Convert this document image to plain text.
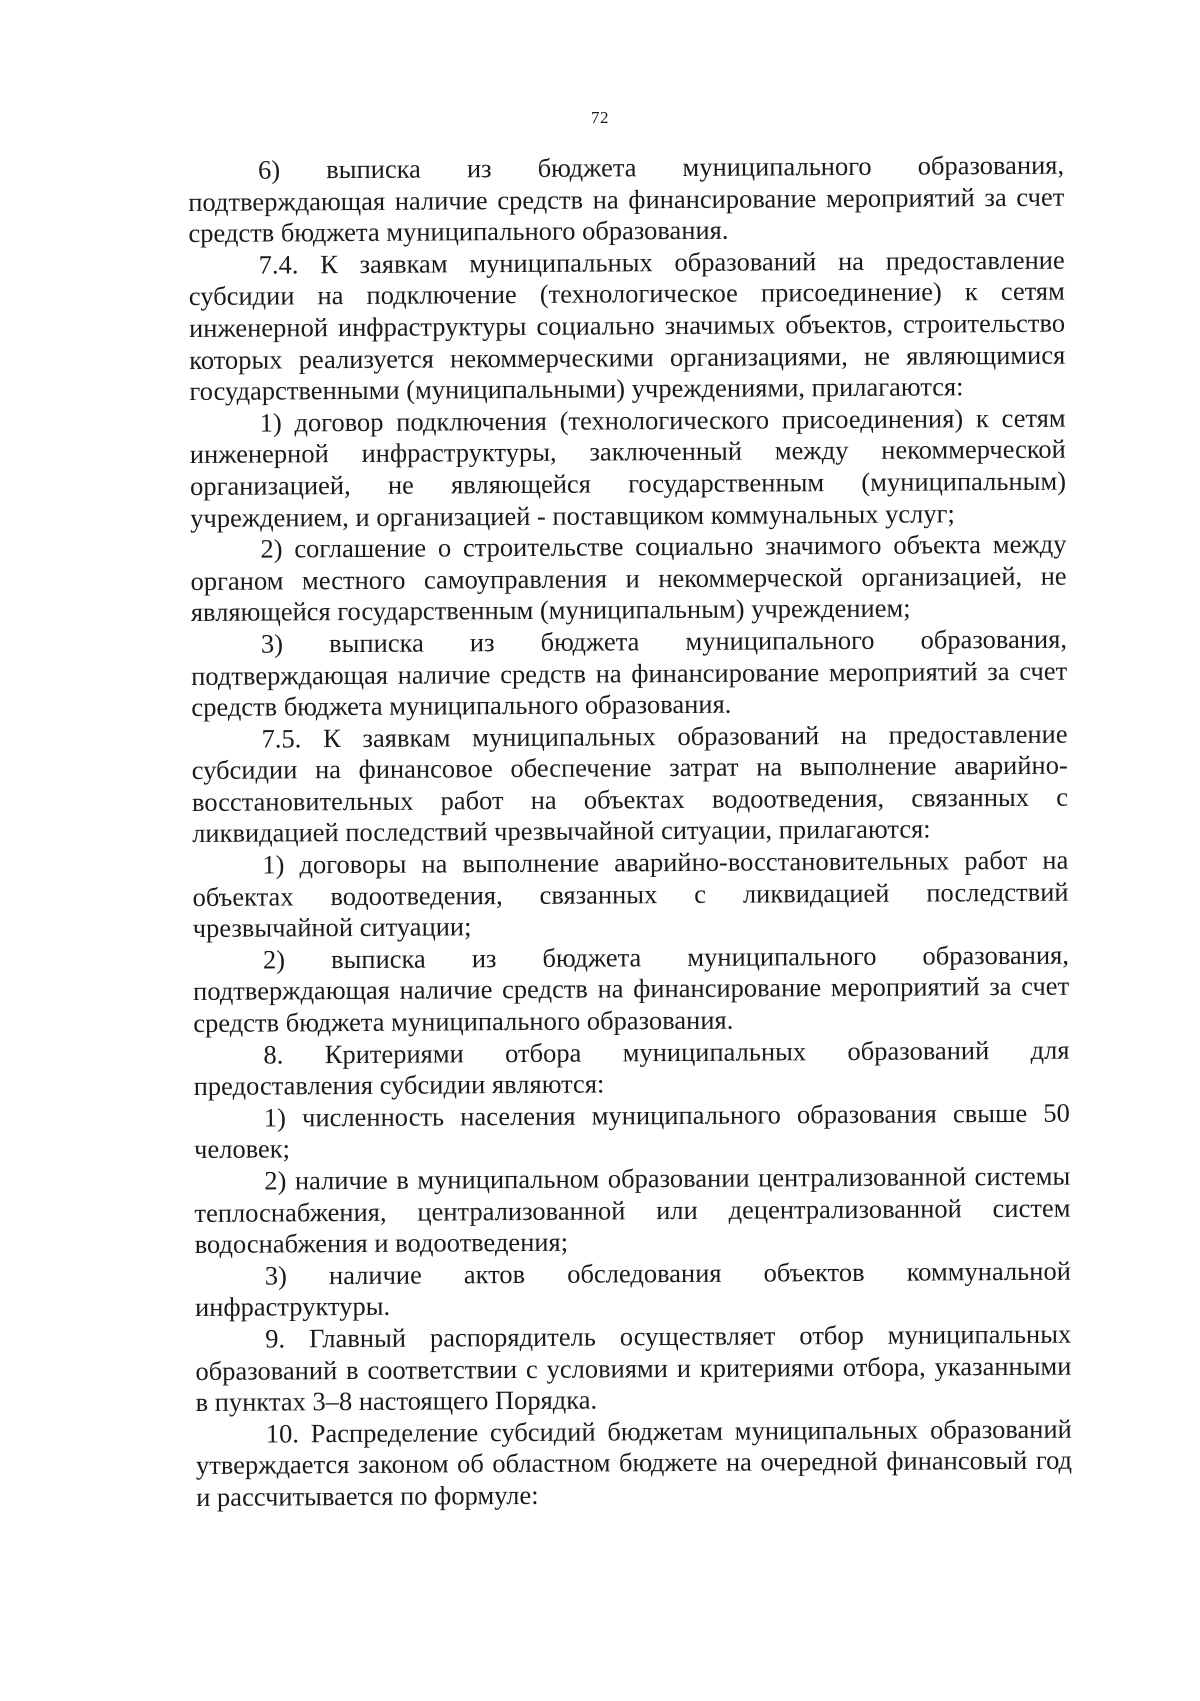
72

6) выписка из бюджета муниципального образования, подтверждающая наличие средств на финансирование мероприятий за счет средств бюджета муниципального образования.

7.4. К заявкам муниципальных образований на предоставление субсидии на подключение (технологическое присоединение) к сетям инженерной инфраструктуры социально значимых объектов, строительство которых реализуется некоммерческими организациями, не являющимися государственными (муниципальными) учреждениями, прилагаются:

1) договор подключения (технологического присоединения) к сетям инженерной инфраструктуры, заключенный между некоммерческой организацией, не являющейся государственным (муниципальным) учреждением, и организацией - поставщиком коммунальных услуг;

2) соглашение о строительстве социально значимого объекта между органом местного самоуправления и некоммерческой организацией, не являющейся государственным (муниципальным) учреждением;

3) выписка из бюджета муниципального образования, подтверждающая наличие средств на финансирование мероприятий за счет средств бюджета муниципального образования.

7.5. К заявкам муниципальных образований на предоставление субсидии на финансовое обеспечение затрат на выполнение аварийно-восстановительных работ на объектах водоотведения, связанных с ликвидацией последствий чрезвычайной ситуации, прилагаются:

1) договоры на выполнение аварийно-восстановительных работ на объектах водоотведения, связанных с ликвидацией последствий чрезвычайной ситуации;

2) выписка из бюджета муниципального образования, подтверждающая наличие средств на финансирование мероприятий за счет средств бюджета муниципального образования.

8. Критериями отбора муниципальных образований для предоставления субсидии являются:

1) численность населения муниципального образования свыше 50 человек;

2) наличие в муниципальном образовании централизованной системы теплоснабжения, централизованной или децентрализованной систем водоснабжения и водоотведения;

3) наличие актов обследования объектов коммунальной инфраструктуры.

9. Главный распорядитель осуществляет отбор муниципальных образований в соответствии с условиями и критериями отбора, указанными в пунктах 3–8 настоящего Порядка.

10. Распределение субсидий бюджетам муниципальных образований утверждается законом об областном бюджете на очередной финансовый год и рассчитывается по формуле:
